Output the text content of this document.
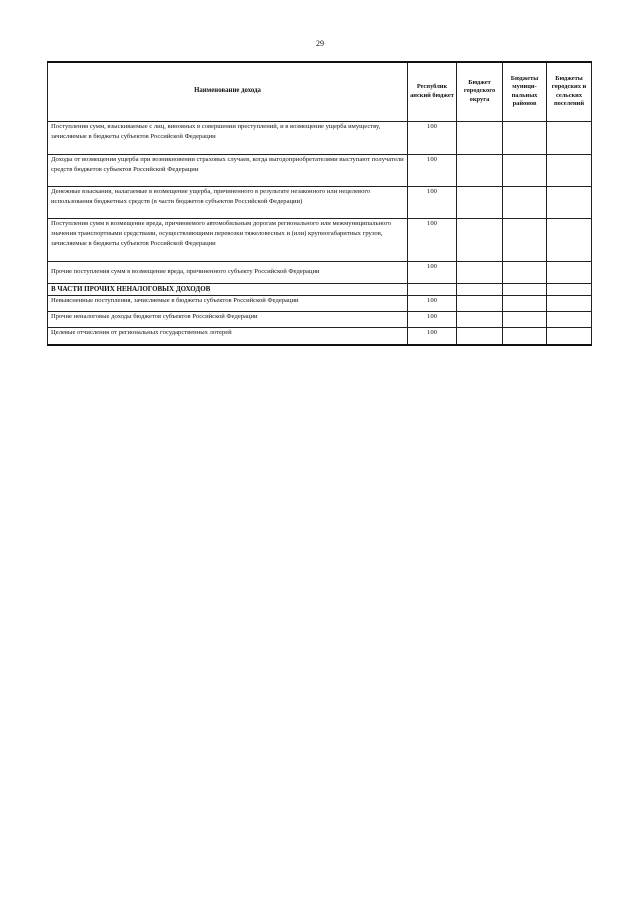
29
Наименование дохода	Республик анский бюджет	Бюджет городского округа	Бюджеты муници- пальных районов	Бюджеты городских и сельских поселений
Поступления сумм, взыскиваемые с лиц, виновных в совершении преступлений, и в возмещение ущерба имуществу, зачисляемые в бюджеты субъектов Российской Федерации	100			
Доходы от возмещения ущерба при возникновении страховых случаев, когда выгодоприобретателями выступают получатели средств бюджетов субъектов Российской Федерации	100			
Денежные взыскания, налагаемые в возмещение ущерба, причиненного в результате незаконного или нецелевого использования бюджетных средств (в части бюджетов субъектов Российской Федерации)	100			
Поступления сумм в возмещение вреда, причиняемого автомобильным дорогам регионального или межмуниципального значения транспортными средствами, осуществляющими перевозки тяжеловесных и (или) крупногабаритных грузов, зачисляемые в бюджеты субъектов Российской Федерации	100			
Прочие поступления сумм в возмещение вреда, причиненного субъекту Российской Федерации	100			
В ЧАСТИ ПРОЧИХ НЕНАЛОГОВЫХ ДОХОДОВ				
Невыясненные поступления, зачисляемые в бюджеты субъектов Российской Федерации	100			
Прочие неналоговые доходы бюджетов субъектов Российской Федерации	100			
Целевые отчисления от региональных государственных лотерей	100			
